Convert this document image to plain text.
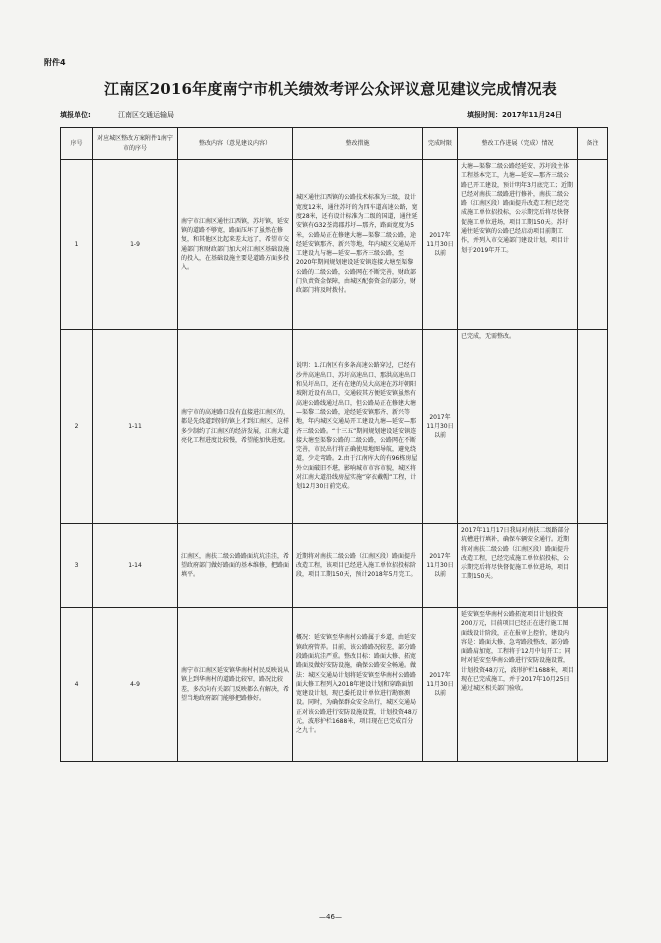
附件4
江南区2016年度南宁市机关绩效考评公众评议意见建议完成情况表
填报单位:	江南区交通运输局	填报时间：2017年11月24日
序号	对应城区整改方案附件1南宁市的序号	整改内容（意见建议内容）	整改措施	完成时限	整改工作进展（完成）情况	备注
1	1-9	南宁市江南区通往江西镇，苏圩镇，延安镇的道路不够宽，路面压坏了虽然在修复，和其他区比起来差太远了，希望市交通部门和财政部门加大对江南区基础设施的投入，在基础设施主要是道路方面多投入。	城区通往江西镇的公路技术标准为三级，设计宽度12米，通往苏圩的为四车道高速公路，宽度28米，还有设计标准为二级的国道，通往延安镇有G32荃湾郡苏圩—那齐，路面宽度为5米，公路局正在修建大塘—渠黎二级公路，途经延安镇那齐、新兴等地，年内城区交通局开工建设九与塘—延安—那齐三级公路，至2020年期间规划建设延安镇连接大塘至渠黎公路的二级公路，公路网在不断完善，财政部门负责资金保障，由城区配套资金的部分，财政部门将及时拨付。	2017年11月30日以前	大塘—渠黎二级公路经延安、苏圩段主体工程基本完工，九塘—延安—那齐三级公路已开工建设，预计明年3月底完工；近期已经对南扶二级路进行修补，南扶二级公路（江南区段）路面提升改造工程已经完成施工单位招投标，公示期完后将尽快督促施工单位进场，项目工期150天。苏圩通往延安镇的公路已经启动项目前期工作，并列入市交通部门建设计划，项目计划于2019年开工。	
2	1-11	南宁市的高速路口没有直接进江南区的，都是先绕道到别的镇上才到江南区，这样多少制约了江南区的经济发展，江南大道亮化工程进度比较慢，希望能加快进度。	说明：1.江南区有多条高速公路穿过，已经有沙井高速出口、苏圩高速出口、那洪高速出口和吴圩出口，还有在建的吴大高速在苏圩朝阳坡附近设有出口，交通较其方便延安镇虽然有高速公路线通过出口，但公路局正在修建大塘—渠黎二级公路，途经延安镇那齐、新兴等地，年内城区交通局开工建设九塘—延安—那齐三级公路。“十三五”期间规划建设延安镇连接大塘至渠黎公路的二级公路，公路网在不断完善，市民出行将正确使用地图导航，避免绕道，少走弯路。2.由于江南库大的有96栋房屋外立面破旧不堪，影响城市市容市貌，城区将对江南大道沿线房屋实施“穿衣戴帽”工程，计划12月30日前完成。	2017年11月30日以前	已完成，无需整改。	
3	1-14	江南区，南扶二级公路路面坑坑洼洼，希望政府部门做好路面的基本维修，把路面填平。	近期将对南扶二级公路（江南区段）路面提升改造工程，该项目已经进入施工单位招投标阶段，项目工期150天，预计2018年5月完工。	2017年11月30日以前	2017年11月17日我局对南扶二级路部分坑槽进行填补，确保车辆安全通行。近期将对南扶二级公路（江南区段）路面提升改造工程，已经完成施工单位招投标，公示期完后将尽快督促施工单位进场，项目工期150天。	
4	4-9	南宁市江南区延安镇华南村村民反映说从镇上到华南村的道路比较窄，路况比较差，多次向有关部门反映都么有解决，希望当地政府部门能够把路修好。	概况：延安镇至华南村公路属于乡道，由延安镇政府管养。目前，该公路路况较差，部分路段路面坑洼严重。整改目标：路面大修、拓宽路面及做好安防设施，确保公路安全畅通。做法：城区交通局计划将延安镇至华南村公路路面大修工程列入2018年建设计划和穿路面加宽建设计划，现已委托设计单位进行勘察测设。同时，为确保群众安全出行，城区交通局正对该公路进行安防设施设置，计划投资48万元，波形护栏1688米，项目现在已完成百分之九十。	2017年11月30日以前	延安镇至华南村公路拓宽项目计划投资200万元，目前项目已经正在进行施工图面线设计阶段，正在报审上控价，建设内容是：路面大修、急弯路段整改、部分路面路肩加宽，工程将于12月中旬开工；同时对延安至华南公路进行安防设施设置，计划投资48万元，波形护栏1688米，项目现在已完成施工，并于2017年10月25日通过城区相关部门验收。	
—46—
